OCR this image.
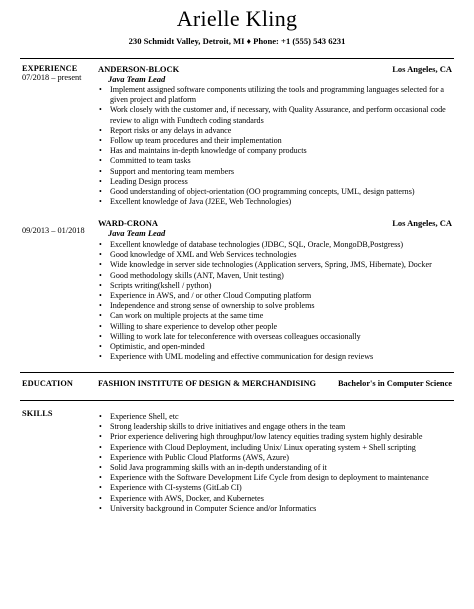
Arielle Kling
230 Schmidt Valley, Detroit, MI ♦ Phone: +1 (555) 543 6231
EXPERIENCE
07/2018 – present
ANDERSON-BLOCK	Los Angeles, CA
Java Team Lead
• Implement assigned software components utilizing the tools and programming languages selected for a given project and platform
• Work closely with the customer and, if necessary, with Quality Assurance, and perform occasional code review to align with Fundtech coding standards
• Report risks or any delays in advance
• Follow up team procedures and their implementation
• Has and maintains in-depth knowledge of company products
• Committed to team tasks
• Support and mentoring team members
• Leading Design process
• Good understanding of object-orientation (OO programming concepts, UML, design patterns)
• Excellent knowledge of Java (J2EE, Web Technologies)
09/2013 – 01/2018
WARD-CRONA	Los Angeles, CA
Java Team Lead
• Excellent knowledge of database technologies (JDBC, SQL, Oracle, MongoDB,Postgress)
• Good knowledge of XML and Web Services technologies
• Wide knowledge in server side technologies (Application servers, Spring, JMS, Hibernate), Docker
• Good methodology skills (ANT, Maven, Unit testing)
• Scripts writing(kshell / python)
• Experience in AWS, and / or other Cloud Computing platform
• Independence and strong sense of ownership to solve problems
• Can work on multiple projects at the same time
• Willing to share experience to develop other people
• Willing to work late for teleconference with overseas colleagues occasionally
• Optimistic, and open-minded
• Experience with UML modeling and effective communication for design reviews
EDUCATION	FASHION INSTITUTE OF DESIGN & MERCHANDISING	Bachelor's in Computer Science
SKILLS
•	Experience Shell, etc
• Strong leadership skills to drive initiatives and engage others in the team
• Prior experience delivering high throughput/low latency equities trading system highly desirable
• Experience with Cloud Deployment, including Unix/ Linux operating system + Shell scripting
• Experience with Public Cloud Platforms (AWS, Azure)
• Solid Java programming skills with an in-depth understanding of it
• Experience with the Software Development Life Cycle from design to deployment to maintenance
• Experience with CI-systems (GitLab CI)
• Experience with AWS, Docker, and Kubernetes
• University background in Computer Science and/or Informatics
